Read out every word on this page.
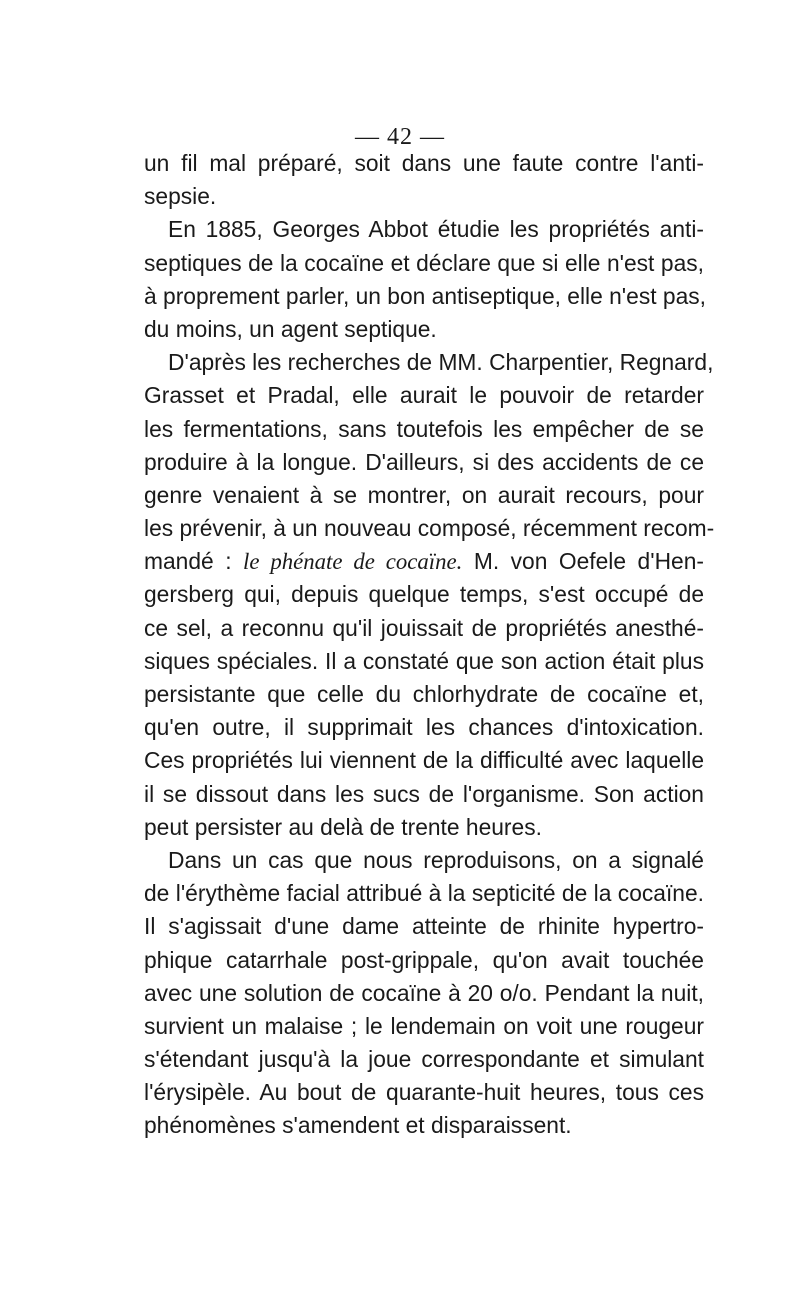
— 42 —
un fil mal préparé, soit dans une faute contre l'anti-
sepsie.
En 1885, Georges Abbot étudie les propriétés anti-
septiques de la cocaïne et déclare que si elle n'est pas,
à proprement parler, un bon antiseptique, elle n'est pas,
du moins, un agent septique.
D'après les recherches de MM. Charpentier, Regnard,
Grasset et Pradal, elle aurait le pouvoir de retarder
les fermentations, sans toutefois les empêcher de se
produire à la longue. D'ailleurs, si des accidents de ce
genre venaient à se montrer, on aurait recours, pour
les prévenir, à un nouveau composé, récemment recom-
mandé : le phénate de cocaïne. M. von Oefele d'Hen-
gersberg qui, depuis quelque temps, s'est occupé de
ce sel, a reconnu qu'il jouissait de propriétés anesthé-
siques spéciales. Il a constaté que son action était plus
persistante que celle du chlorhydrate de cocaïne et,
qu'en outre, il supprimait les chances d'intoxication.
Ces propriétés lui viennent de la difficulté avec laquelle
il se dissout dans les sucs de l'organisme. Son action
peut persister au delà de trente heures.
Dans un cas que nous reproduisons, on a signalé
de l'érythème facial attribué à la septicité de la cocaïne.
Il s'agissait d'une dame atteinte de rhinite hypertro-
phique catarrhale post-grippale, qu'on avait touchée
avec une solution de cocaïne à 20 o/o. Pendant la nuit,
survient un malaise ; le lendemain on voit une rougeur
s'étendant jusqu'à la joue correspondante et simulant
l'érysipèle. Au bout de quarante-huit heures, tous ces
phénomènes s'amendent et disparaissent.
